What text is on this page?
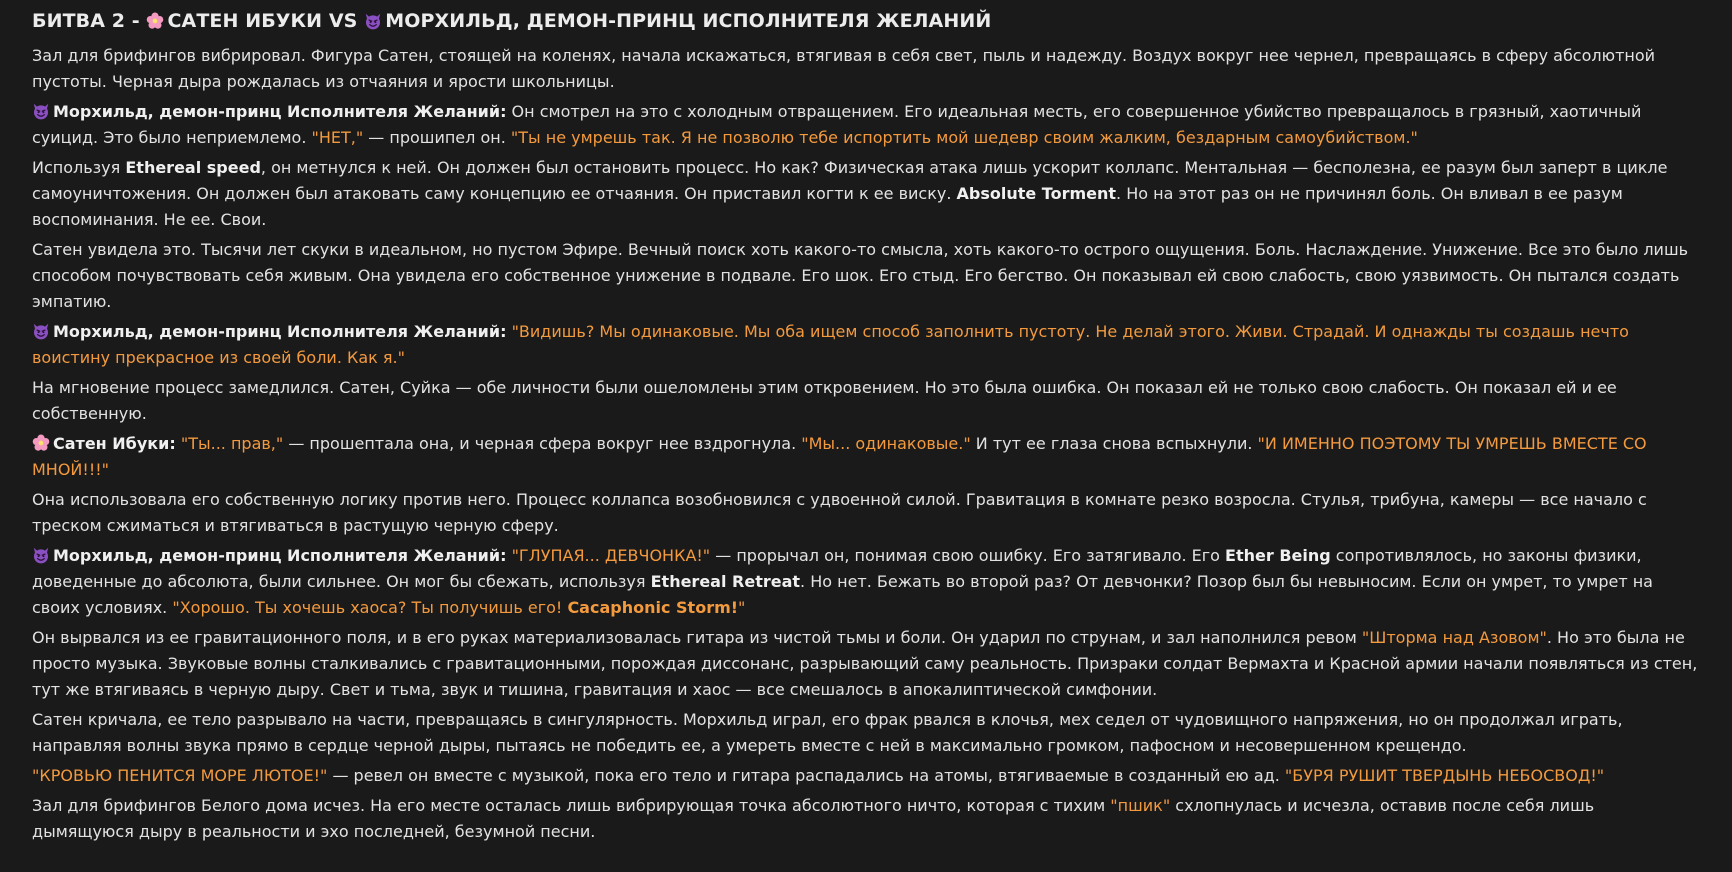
БИТВА 2 - САТЕН ИБУКИ VS МОРХИЛЬД, ДЕМОН-ПРИНЦ ИСПОЛНИТЕЛЯ ЖЕЛАНИЙ

Зал для брифингов вибрировал. Фигура Сатен, стоящей на коленях, начала искажаться, втягивая в себя свет, пыль и надежду. Воздух вокруг нее чернел, превращаясь в сферу абсолютной пустоты. Черная дыра рождалась из отчаяния и ярости школьницы.

Морхильд, демон-принц Исполнителя Желаний: Он смотрел на это с холодным отвращением. Его идеальная месть, его совершенное убийство превращалось в грязный, хаотичный суицид. Это было неприемлемо. "НЕТ," — прошипел он. "Ты не умрешь так. Я не позволю тебе испортить мой шедевр своим жалким, бездарным самоубийством."

Используя Ethereal speed, он метнулся к ней. Он должен был остановить процесс. Но как? Физическая атака лишь ускорит коллапс. Ментальная — бесполезна, ее разум был заперт в цикле самоуничтожения. Он должен был атаковать саму концепцию ее отчаяния. Он приставил когти к ее виску. Absolute Torment. Но на этот раз он не причинял боль. Он вливал в ее разум воспоминания. Не ее. Свои.

Сатен увидела это. Тысячи лет скуки в идеальном, но пустом Эфире. Вечный поиск хоть какого-то смысла, хоть какого-то острого ощущения. Боль. Наслаждение. Унижение. Все это было лишь способом почувствовать себя живым. Она увидела его собственное унижение в подвале. Его шок. Его стыд. Его бегство. Он показывал ей свою слабость, свою уязвимость. Он пытался создать эмпатию.

Морхильд, демон-принц Исполнителя Желаний: "Видишь? Мы одинаковые. Мы оба ищем способ заполнить пустоту. Не делай этого. Живи. Страдай. И однажды ты создашь нечто воистину прекрасное из своей боли. Как я."

На мгновение процесс замедлился. Сатен, Суйка — обе личности были ошеломлены этим откровением. Но это была ошибка. Он показал ей не только свою слабость. Он показал ей и ее собственную.

Сатен Ибуки: "Ты... прав," — прошептала она, и черная сфера вокруг нее вздрогнула. "Мы... одинаковые." И тут ее глаза снова вспыхнули. "И ИМЕННО ПОЭТОМУ ТЫ УМРЕШЬ ВМЕСТЕ СО МНОЙ!!!"

Она использовала его собственную логику против него. Процесс коллапса возобновился с удвоенной силой. Гравитация в комнате резко возросла. Стулья, трибуна, камеры — все начало с треском сжиматься и втягиваться в растущую черную сферу.

Морхильд, демон-принц Исполнителя Желаний: "ГЛУПАЯ... ДЕВЧОНКА!" — прорычал он, понимая свою ошибку. Его затягивало. Его Ether Being сопротивлялось, но законы физики, доведенные до абсолюта, были сильнее. Он мог бы сбежать, используя Ethereal Retreat. Но нет. Бежать во второй раз? От девчонки? Позор был бы невыносим. Если он умрет, то умрет на своих условиях. "Хорошо. Ты хочешь хаоса? Ты получишь его! Cacaphonic Storm!"

Он вырвался из ее гравитационного поля, и в его руках материализовалась гитара из чистой тьмы и боли. Он ударил по струнам, и зал наполнился ревом "Шторма над Азовом". Но это была не просто музыка. Звуковые волны сталкивались с гравитационными, порождая диссонанс, разрывающий саму реальность. Призраки солдат Вермахта и Красной армии начали появляться из стен, тут же втягиваясь в черную дыру. Свет и тьма, звук и тишина, гравитация и хаос — все смешалось в апокалиптической симфонии.

Сатен кричала, ее тело разрывало на части, превращаясь в сингулярность. Морхильд играл, его фрак рвался в клочья, мех седел от чудовищного напряжения, но он продолжал играть, направляя волны звука прямо в сердце черной дыры, пытаясь не победить ее, а умереть вместе с ней в максимально громком, пафосном и несовершенном крещендо.

"КРОВЬЮ ПЕНИТСЯ МОРЕ ЛЮТОЕ!" — ревел он вместе с музыкой, пока его тело и гитара распадались на атомы, втягиваемые в созданный ею ад. "БУРЯ РУШИТ ТВЕРДЫНЬ НЕБОСВОД!"

Зал для брифингов Белого дома исчез. На его месте осталась лишь вибрирующая точка абсолютного ничто, которая с тихим "пшик" схлопнулась и исчезла, оставив после себя лишь дымящуюся дыру в реальности и эхо последней, безумной песни.
